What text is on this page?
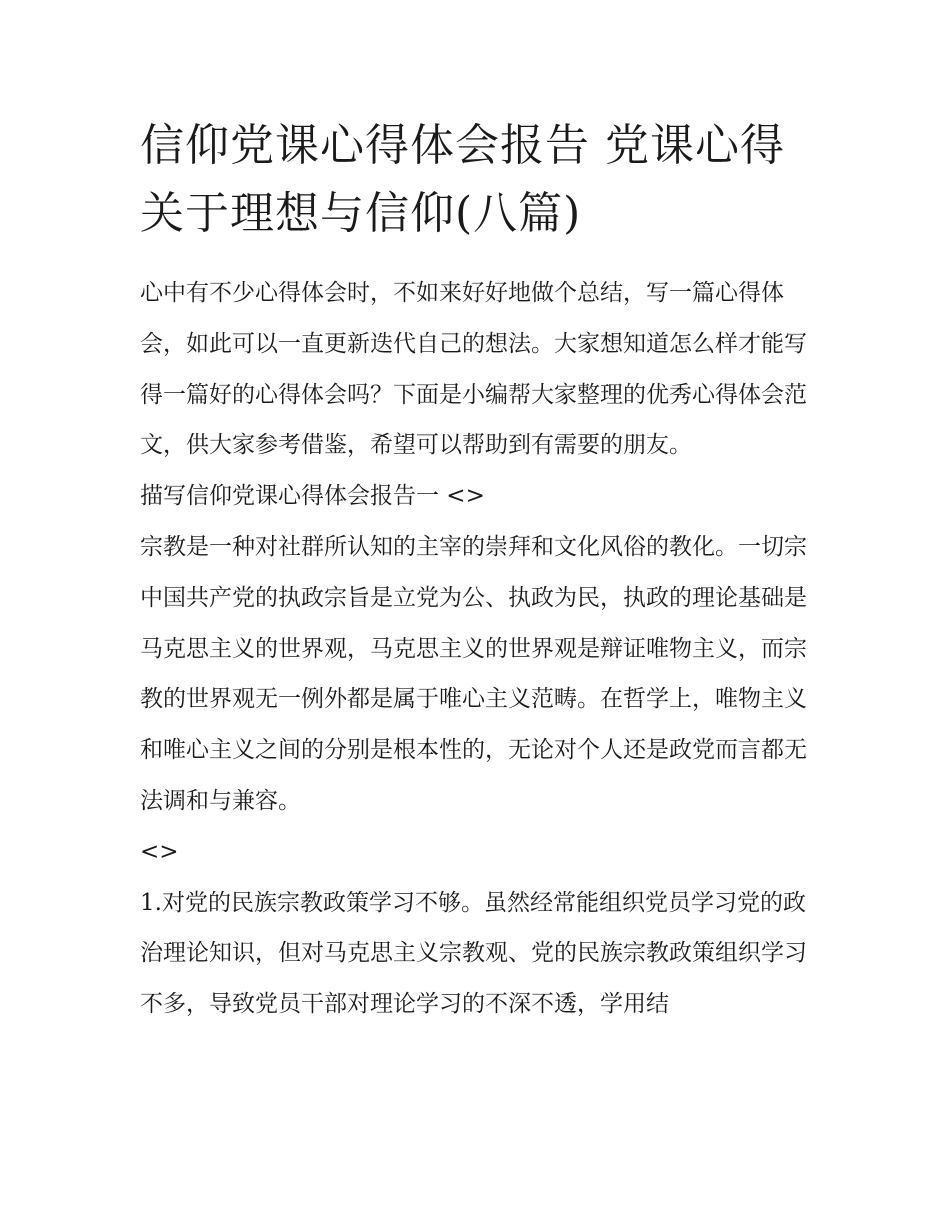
信仰党课心得体会报告 党课心得关于理想与信仰(八篇)

心中有不少心得体会时，不如来好好地做个总结，写一篇心得体会，如此可以一直更新迭代自己的想法。大家想知道怎么样才能写得一篇好的心得体会吗？下面是小编帮大家整理的优秀心得体会范文，供大家参考借鉴，希望可以帮助到有需要的朋友。

描写信仰党课心得体会报告一 <>

宗教是一种对社群所认知的主宰的崇拜和文化风俗的教化。一切宗中国共产党的执政宗旨是立党为公、执政为民，执政的理论基础是马克思主义的世界观，马克思主义的世界观是辩证唯物主义，而宗教的世界观无一例外都是属于唯心主义范畴。在哲学上，唯物主义和唯心主义之间的分别是根本性的，无论对个人还是政党而言都无法调和与兼容。

<>

1.对党的民族宗教政策学习不够。虽然经常能组织党员学习党的政治理论知识，但对马克思主义宗教观、党的民族宗教政策组织学习不多，导致党员干部对理论学习的不深不透，学用结
